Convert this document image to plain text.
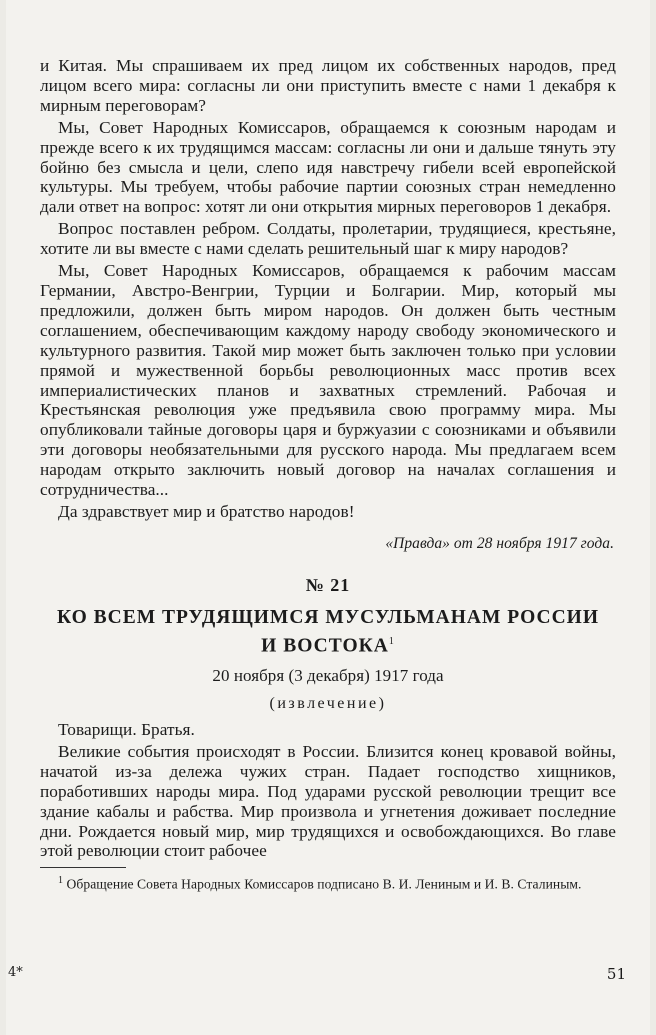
и Китая. Мы спрашиваем их пред лицом их собственных народов, пред лицом всего мира: согласны ли они приступить вместе с нами 1 декабря к мирным переговорам?

Мы, Совет Народных Комиссаров, обращаемся к союзным народам и прежде всего к их трудящимся массам: согласны ли они и дальше тянуть эту бойню без смысла и цели, слепо идя навстречу гибели всей европейской культуры. Мы требуем, чтобы рабочие партии союзных стран немедленно дали ответ на вопрос: хотят ли они открытия мирных переговоров 1 декабря.

Вопрос поставлен ребром. Солдаты, пролетарии, трудящиеся, крестьяне, хотите ли вы вместе с нами сделать решительный шаг к миру народов?

Мы, Совет Народных Комиссаров, обращаемся к рабочим массам Германии, Австро-Венгрии, Турции и Болгарии. Мир, который мы предложили, должен быть миром народов. Он должен быть честным соглашением, обеспечивающим каждому народу свободу экономического и культурного развития. Такой мир может быть заключен только при условии прямой и мужественной борьбы революционных масс против всех империалистических планов и захватных стремлений. Рабочая и Крестьянская революция уже предъявила свою программу мира. Мы опубликовали тайные договоры царя и буржуазии с союзниками и объявили эти договоры необязательными для русского народа. Мы предлагаем всем народам открыто заключить новый договор на началах соглашения и сотрудничества...

Да здравствует мир и братство народов!

«Правда» от 28 ноября 1917 года.
№ 21
КО ВСЕМ ТРУДЯЩИМСЯ МУСУЛЬМАНАМ РОССИИ
И ВОСТОКА$^1$
20 ноября (3 декабря) 1917 года
(извлечение)

Товарищи. Братья.

Великие события происходят в России. Близится конец кровавой войны, начатой из-за дележа чужих стран. Падает господство хищников, поработивших народы мира. Под ударами русской революции трещит все здание кабалы и рабства. Мир произвола и угнетения доживает последние дни. Рождается новый мир, мир трудящихся и освобождающихся. Во главе этой революции стоит рабочее

$^1$ Обращение Совета Народных Комиссаров подписано В. И. Лениным и И. В. Сталиным.
4*	51
